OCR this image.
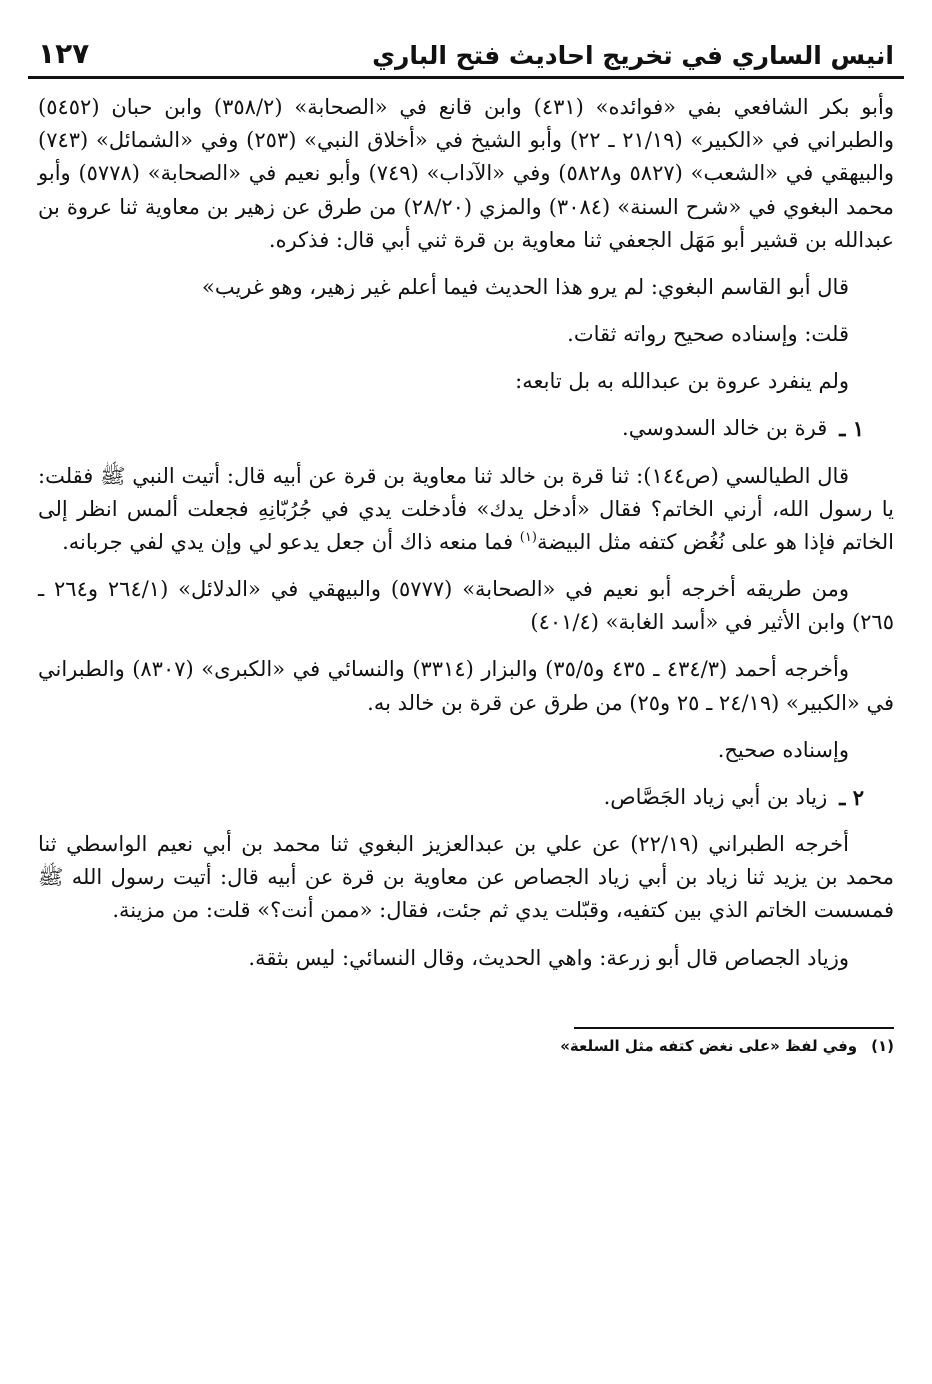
انيس الساري في تخريج احاديث فتح الباري
١٢٧

وأبو بكر الشافعي بفي «فوائده» (٤٣١) وابن قانع في «الصحابة» (٣٥٨/٢) وابن حبان (٥٤٥٢) والطبراني في «الكبير» (٢١/١٩ ـ ٢٢) وأبو الشيخ في «أخلاق النبي» (٢٥٣) وفي «الشمائل» (٧٤٣) والبيهقي في «الشعب» (٥٨٢٧ و٥٨٢٨) وفي «الآداب» (٧٤٩) وأبو نعيم في «الصحابة» (٥٧٧٨) وأبو محمد البغوي في «شرح السنة» (٣٠٨٤) والمزي (٢٨/٢٠) من طرق عن زهير بن معاوية ثنا عروة بن عبدالله بن قشير أبو مَهَل الجعفي ثنا معاوية بن قرة ثني أبي قال: فذكره.

قال أبو القاسم البغوي: لم يرو هذا الحديث فيما أعلم غير زهير، وهو غريب»

قلت: وإسناده صحيح رواته ثقات.

ولم ينفرد عروة بن عبدالله به بل تابعه:

١ ـ
قرة بن خالد السدوسي.

قال الطيالسي (ص١٤٤): ثنا قرة بن خالد ثنا معاوية بن قرة عن أبيه قال: أتيت النبي ﷺ فقلت: يا رسول الله، أرني الخاتم؟ فقال «أدخل يدك» فأدخلت يدي في جُرُبّانِهِ فجعلت ألمس انظر إلى الخاتم فإذا هو على نُغُض كتفه مثل البيضة$^{(١)}$ فما منعه ذاك أن جعل يدعو لي وإن يدي لفي جربانه.

ومن طريقه أخرجه أبو نعيم في «الصحابة» (٥٧٧٧) والبيهقي في «الدلائل» (٢٦٤/١ و٢٦٤ ـ ٢٦٥) وابن الأثير في «أسد الغابة» (٤٠١/٤)

وأخرجه أحمد (٤٣٤/٣ ـ ٤٣٥ و٣٥/٥) والبزار (٣٣١٤) والنسائي في «الكبرى» (٨٣٠٧) والطبراني في «الكبير» (٢٤/١٩ ـ ٢٥ و٢٥) من طرق عن قرة بن خالد به.

وإسناده صحيح.

٢ ـ
زياد بن أبي زياد الجَصَّاص.

أخرجه الطبراني (٢٢/١٩) عن علي بن عبدالعزيز البغوي ثنا محمد بن أبي نعيم الواسطي ثنا محمد بن يزيد ثنا زياد بن أبي زياد الجصاص عن معاوية بن قرة عن أبيه قال: أتيت رسول الله ﷺ فمسست الخاتم الذي بين كتفيه، وقبّلت يدي ثم جئت، فقال: «ممن أنت؟» قلت: من مزينة.

وزياد الجصاص قال أبو زرعة: واهي الحديث، وقال النسائي: ليس بثقة.

(١)
وفي لفظ «على نغض كتفه مثل السلعة»
